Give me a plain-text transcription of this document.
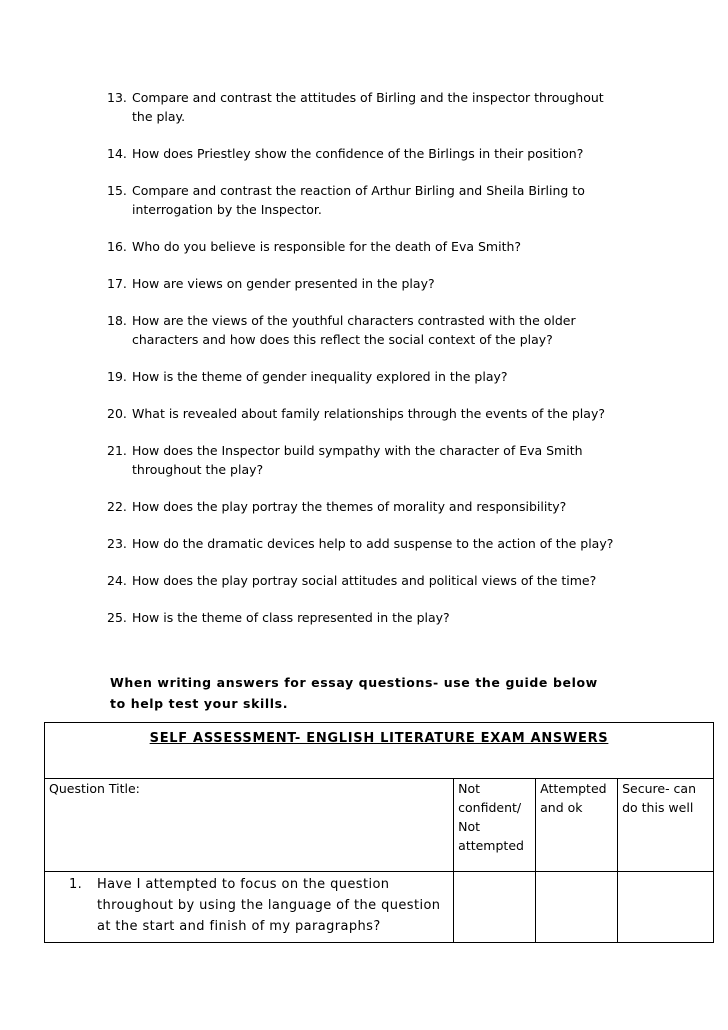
13. Compare and contrast the attitudes of Birling and the inspector throughout the play.
14. How does Priestley show the confidence of the Birlings in their position?
15. Compare and contrast the reaction of Arthur Birling and Sheila Birling to interrogation by the Inspector.
16. Who do you believe is responsible for the death of Eva Smith?
17. How are views on gender presented in the play?
18. How are the views of the youthful characters contrasted with the older characters and how does this reflect the social context of the play?
19. How is the theme of gender inequality explored in the play?
20. What is revealed about family relationships through the events of the play?
21. How does the Inspector build sympathy with the character of Eva Smith throughout the play?
22. How does the play portray the themes of morality and responsibility?
23. How do the dramatic devices help to add suspense to the action of the play?
24. How does the play portray social attitudes and political views of the time?
25. How is the theme of class represented in the play?
When writing answers for essay questions- use the guide below to help test your skills.
SELF ASSESSMENT- ENGLISH LITERATURE EXAM ANSWERS			
Question Title:	Not confident/ Not attempted	Attempted and ok	Secure- can do this well

1. Have I attempted to focus on the question throughout by using the language of the question at the start and finish of my paragraphs?			
